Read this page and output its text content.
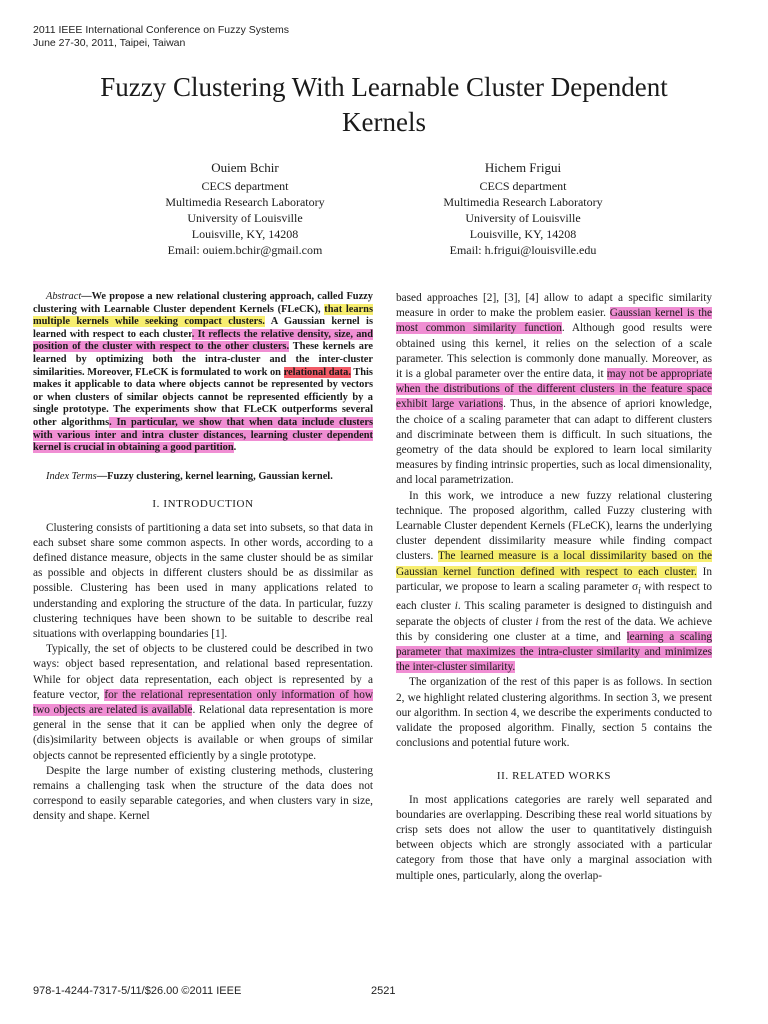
2011 IEEE International Conference on Fuzzy Systems
June 27-30, 2011, Taipei, Taiwan
Fuzzy Clustering With Learnable Cluster Dependent
Kernels
Ouiem Bchir
CECS department
Multimedia Research Laboratory
University of Louisville
Louisville, KY, 14208
Email: ouiem.bchir@gmail.com
Hichem Frigui
CECS department
Multimedia Research Laboratory
University of Louisville
Louisville, KY, 14208
Email: h.frigui@louisville.edu

Abstract—We propose a new relational clustering approach, called Fuzzy clustering with Learnable Cluster dependent Kernels (FLeCK), that learns multiple kernels while seeking compact clusters. A Gaussian kernel is learned with respect to each cluster. It reflects the relative density, size, and position of the cluster with respect to the other clusters. These kernels are learned by optimizing both the intra-cluster and the inter-cluster similarities. Moreover, FLeCK is formulated to work on relational data. This makes it applicable to data where objects cannot be represented by vectors or when clusters of similar objects cannot be represented efficiently by a single prototype. The experiments show that FLeCK outperforms several other algorithms. In particular, we show that when data include clusters with various inter and intra cluster distances, learning cluster dependent kernel is crucial in obtaining a good partition.

Index Terms—Fuzzy clustering, kernel learning, Gaussian kernel.

I. INTRODUCTION

Clustering consists of partitioning a data set into subsets, so that data in each subset share some common aspects. In other words, according to a defined distance measure, objects in the same cluster should be as similar as possible and objects in different clusters should be as dissimilar as possible. Clustering has been used in many applications related to understanding and exploring the structure of the data. In particular, fuzzy clustering techniques have been shown to be suitable to describe real situations with overlapping boundaries [1].

Typically, the set of objects to be clustered could be described in two ways: object based representation, and relational based representation. While for object data representation, each object is represented by a feature vector, for the relational representation only information of how two objects are related is available. Relational data representation is more general in the sense that it can be applied when only the degree of (dis)similarity between objects is available or when groups of similar objects cannot be represented efficiently by a single prototype.

Despite the large number of existing clustering methods, clustering remains a challenging task when the structure of the data does not correspond to easily separable categories, and when clusters vary in size, density and shape. Kernel

based approaches [2], [3], [4] allow to adapt a specific similarity measure in order to make the problem easier. Gaussian kernel is the most common similarity function. Although good results were obtained using this kernel, it relies on the selection of a scale parameter. This selection is commonly done manually. Moreover, as it is a global parameter over the entire data, it may not be appropriate when the distributions of the different clusters in the feature space exhibit large variations. Thus, in the absence of apriori knowledge, the choice of a scaling parameter that can adapt to different clusters and discriminate between them is difficult. In such situations, the geometry of the data should be explored to learn local similarity measures by finding intrinsic properties, such as local dimensionality, and local parametrization.

In this work, we introduce a new fuzzy relational clustering technique. The proposed algorithm, called Fuzzy clustering with Learnable Cluster dependent Kernels (FLeCK), learns the underlying cluster dependent dissimilarity measure while finding compact clusters. The learned measure is a local dissimilarity based on the Gaussian kernel function defined with respect to each cluster. In particular, we propose to learn a scaling parameter $\sigma_i$ with respect to each cluster i. This scaling parameter is designed to distinguish and separate the objects of cluster i from the rest of the data. We achieve this by considering one cluster at a time, and learning a scaling parameter that maximizes the intra-cluster similarity and minimizes the inter-cluster similarity.

The organization of the rest of this paper is as follows. In section 2, we highlight related clustering algorithms. In section 3, we present our algorithm. In section 4, we describe the experiments conducted to validate the proposed algorithm. Finally, section 5 contains the conclusions and potential future work.

II. RELATED WORKS

In most applications categories are rarely well separated and boundaries are overlapping. Describing these real world situations by crisp sets does not allow the user to quantitatively distinguish between objects which are strongly associated with a particular category from those that have only a marginal association with multiple ones, particularly, along the overlap-

978-1-4244-7317-5/11/$26.00 ©2011 IEEE	2521
